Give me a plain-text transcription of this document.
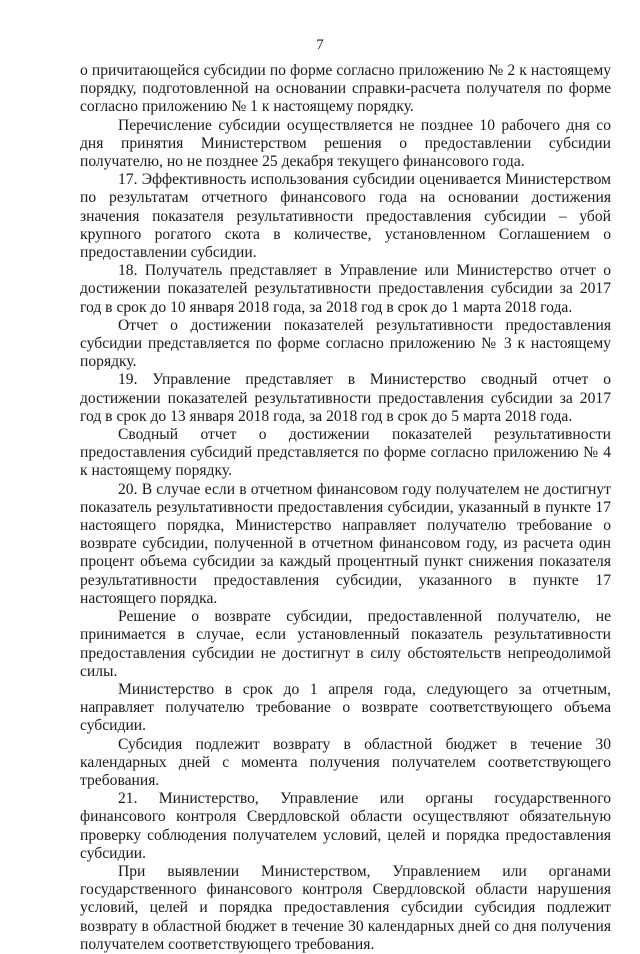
7

о причитающейся субсидии по форме согласно приложению № 2 к настоящему порядку, подготовленной на основании справки-расчета получателя по форме согласно приложению № 1 к настоящему порядку.

Перечисление субсидии осуществляется не позднее 10 рабочего дня со дня принятия Министерством решения о предоставлении субсидии получателю, но не позднее 25 декабря текущего финансового года.

17. Эффективность использования субсидии оценивается Министерством по результатам отчетного финансового года на основании достижения значения показателя результативности предоставления субсидии – убой крупного рогатого скота в количестве, установленном Соглашением о предоставлении субсидии.

18. Получатель представляет в Управление или Министерство отчет о достижении показателей результативности предоставления субсидии за 2017 год в срок до 10 января 2018 года, за 2018 год в срок до 1 марта 2018 года.

Отчет о достижении показателей результативности предоставления субсидии представляется по форме согласно приложению № 3 к настоящему порядку.

19. Управление представляет в Министерство сводный отчет о достижении показателей результативности предоставления субсидии за 2017 год в срок до 13 января 2018 года, за 2018 год в срок до 5 марта 2018 года.

Сводный отчет о достижении показателей результативности предоставления субсидий представляется по форме согласно приложению № 4 к настоящему порядку.

20. В случае если в отчетном финансовом году получателем не достигнут показатель результативности предоставления субсидии, указанный в пункте 17 настоящего порядка, Министерство направляет получателю требование о возврате субсидии, полученной в отчетном финансовом году, из расчета один процент объема субсидии за каждый процентный пункт снижения показателя результативности предоставления субсидии, указанного в пункте 17 настоящего порядка.

Решение о возврате субсидии, предоставленной получателю, не принимается в случае, если установленный показатель результативности предоставления субсидии не достигнут в силу обстоятельств непреодолимой силы.

Министерство в срок до 1 апреля года, следующего за отчетным, направляет получателю требование о возврате соответствующего объема субсидии.

Субсидия подлежит возврату в областной бюджет в течение 30 календарных дней с момента получения получателем соответствующего требования.

21. Министерство, Управление или органы государственного финансового контроля Свердловской области осуществляют обязательную проверку соблюдения получателем условий, целей и порядка предоставления субсидии.

При выявлении Министерством, Управлением или органами государственного финансового контроля Свердловской области нарушения условий, целей и порядка предоставления субсидии субсидия подлежит возврату в областной бюджет в течение 30 календарных дней со дня получения получателем соответствующего требования.
